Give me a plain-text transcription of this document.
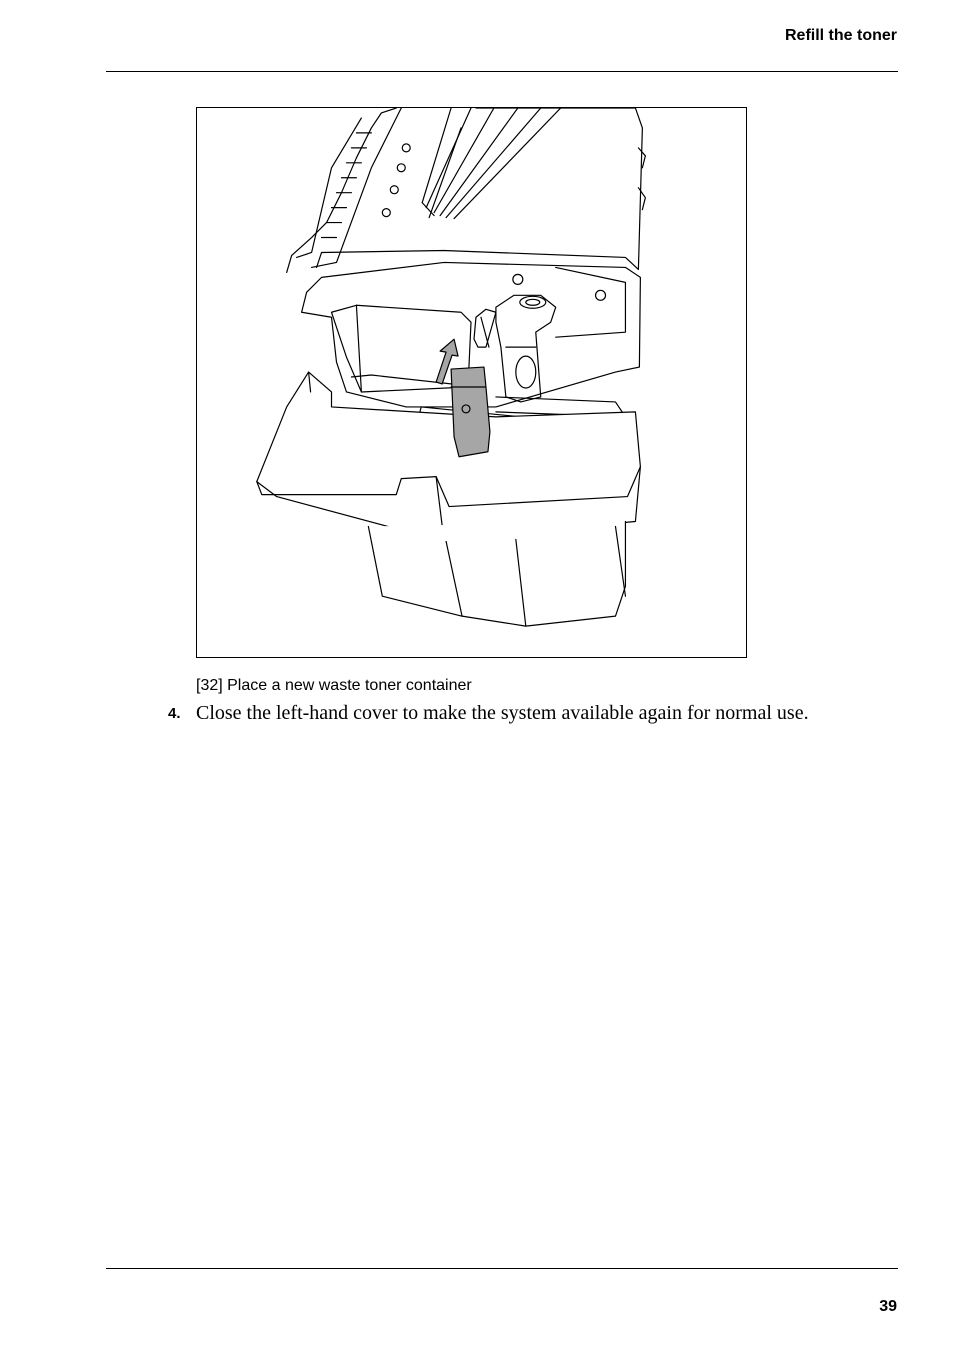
Refill the toner
[32] Place a new waste toner container
4. Close the left-hand cover to make the system available again for normal use.
39
